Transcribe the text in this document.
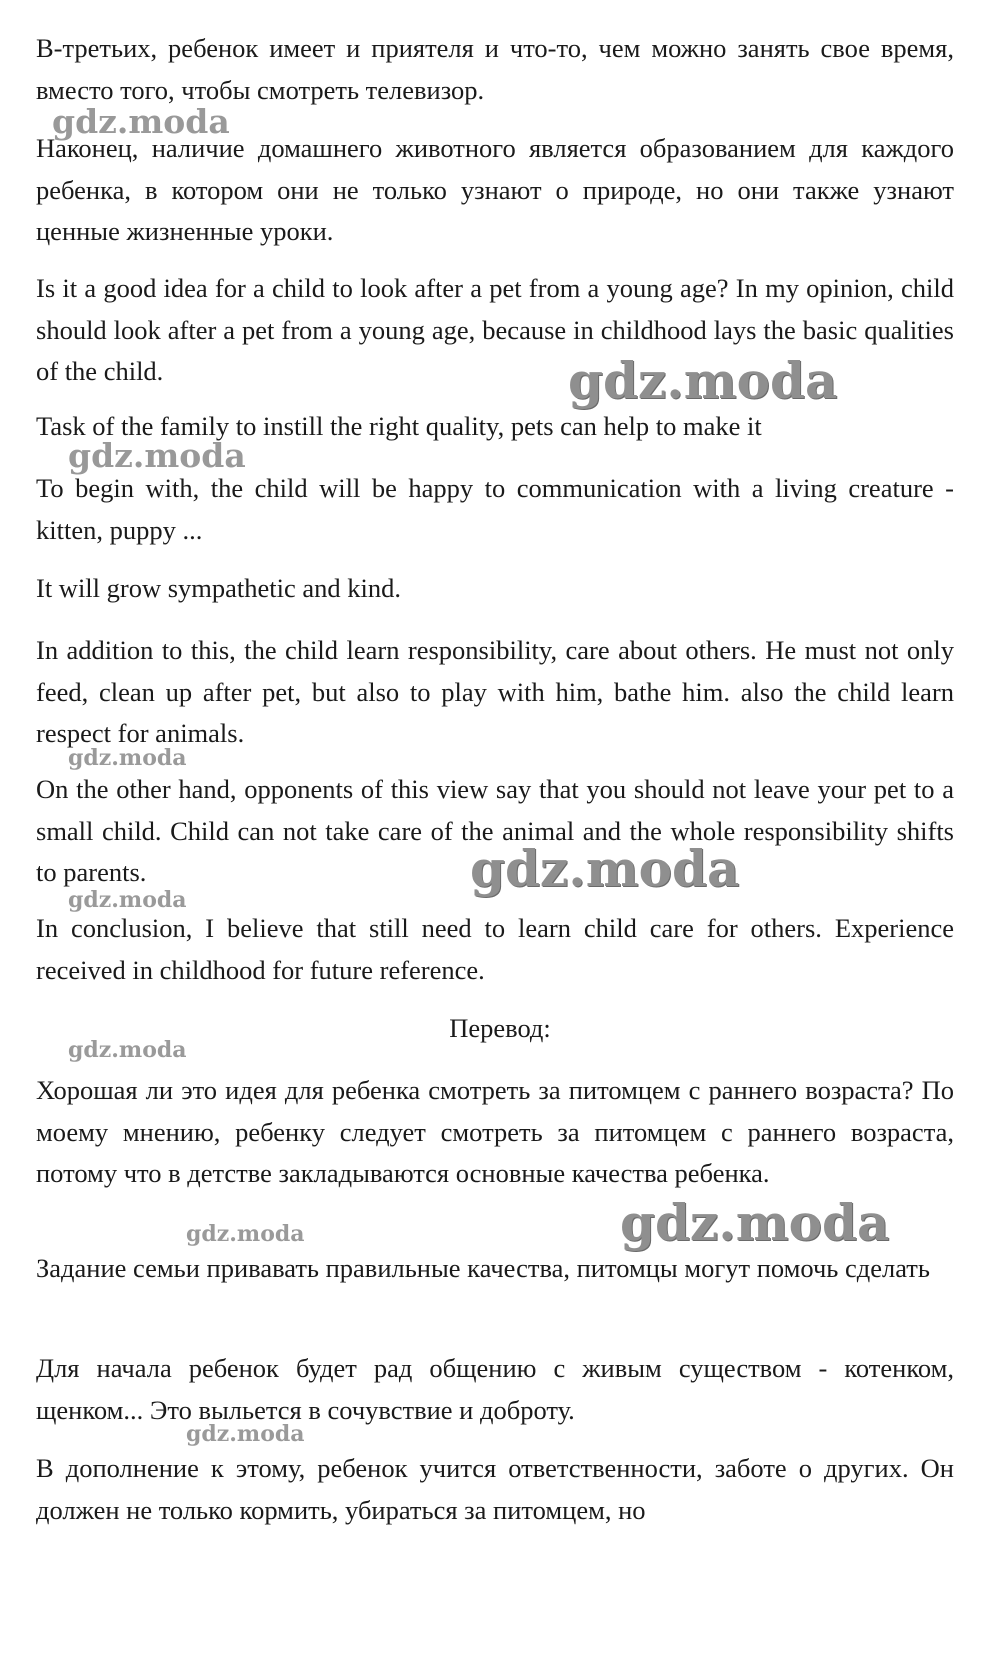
В-третьих, ребенок имеет и приятеля и что-то, чем можно занять свое время, вместо того, чтобы смотреть телевизор.

Наконец, наличие домашнего животного является образованием для каждого ребенка, в котором они не только узнают о природе, но они также узнают ценные жизненные уроки.

Is it a good idea for a child to look after a pet from a young age? In my opinion, child should look after a pet from a young age, because in childhood lays the basic qualities of the child.

Task of the family to instill the right quality, pets can help to make it

To begin with, the child will be happy to communication with a living creature - kitten, puppy ...

It will grow sympathetic and kind.

In addition to this, the child learn responsibility, care about others. He must not only feed, clean up after pet, but also to play with him, bathe him. also the child learn respect for animals.

On the other hand, opponents of this view say that you should not leave your pet to a small child. Child can not take care of the animal and the whole responsibility shifts to parents.

In conclusion, I believe that still need to learn child care for others. Experience received in childhood for future reference.

Перевод:

Хорошая ли это идея для ребенка смотреть за питомцем с раннего возраста? По моему мнению, ребенку следует смотреть за питомцем с раннего возраста, потому что в детстве закладываются основные качества ребенка.

Задание семьи привавать правильные качества, питомцы могут помочь сделать

Для начала ребенок будет рад общению с живым существом - котенком, щенком... Это выльется в сочувствие и доброту.

В дополнение к этому, ребенок учится ответственности, заботе о других. Он должен не только кормить, убираться за питомцем, но

gdz.moda
gdz.moda
gdz.moda
gdz.moda
gdz.moda
gdz.moda
gdz.moda
gdz.moda	gdz.moda
gdz.moda
